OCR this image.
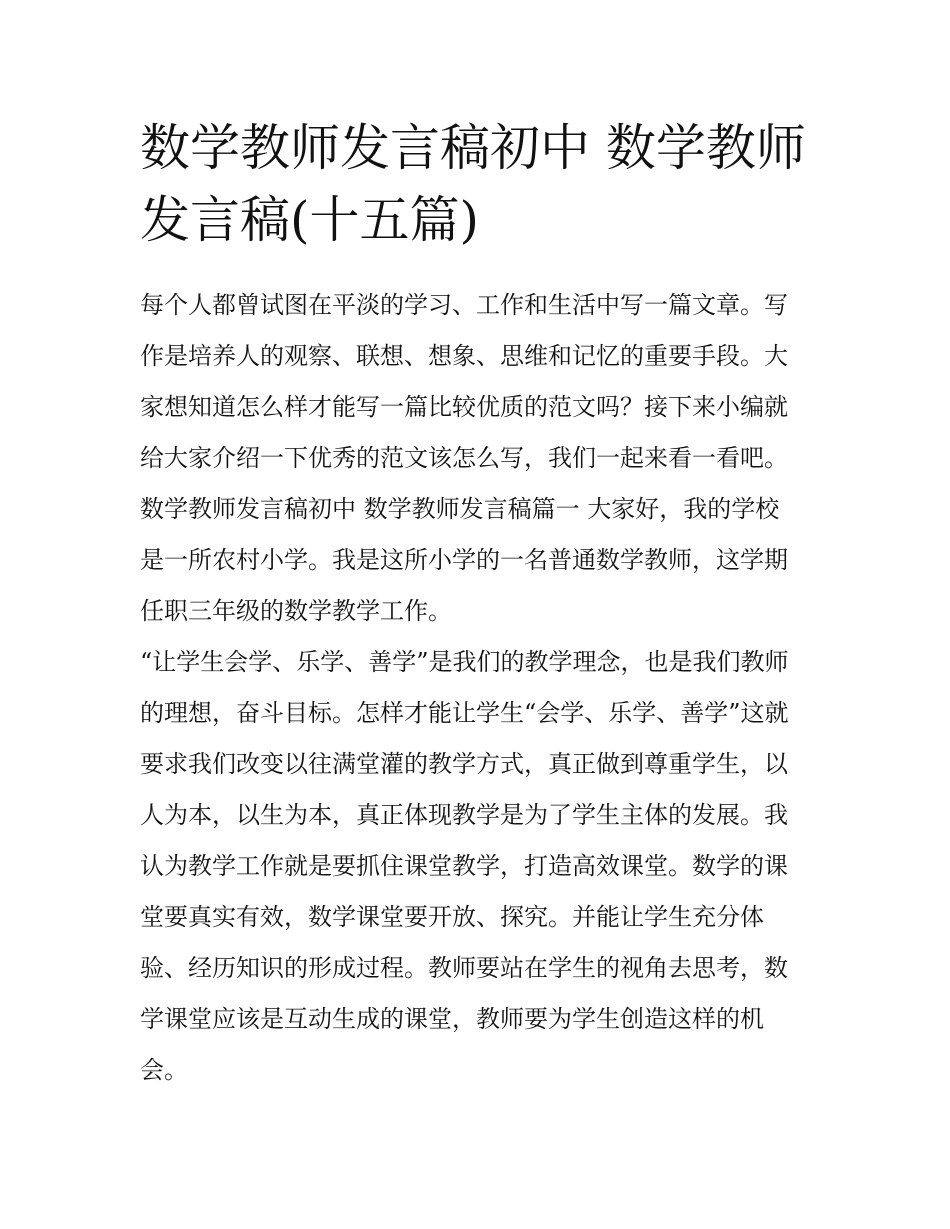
数学教师发言稿初中 数学教师
发言稿(十五篇)
每个人都曾试图在平淡的学习、工作和生活中写一篇文章。写
作是培养人的观察、联想、想象、思维和记忆的重要手段。大
家想知道怎么样才能写一篇比较优质的范文吗？接下来小编就
给大家介绍一下优秀的范文该怎么写，我们一起来看一看吧。
数学教师发言稿初中 数学教师发言稿篇一 大家好，我的学校
是一所农村小学。我是这所小学的一名普通数学教师，这学期
任职三年级的数学教学工作。
“让学生会学、乐学、善学”是我们的教学理念，也是我们教师
的理想，奋斗目标。怎样才能让学生“会学、乐学、善学”这就
要求我们改变以往满堂灌的教学方式，真正做到尊重学生，以
人为本，以生为本，真正体现教学是为了学生主体的发展。我
认为教学工作就是要抓住课堂教学，打造高效课堂。数学的课
堂要真实有效，数学课堂要开放、探究。并能让学生充分体
验、经历知识的形成过程。教师要站在学生的视角去思考，数
学课堂应该是互动生成的课堂，教师要为学生创造这样的机
会。
